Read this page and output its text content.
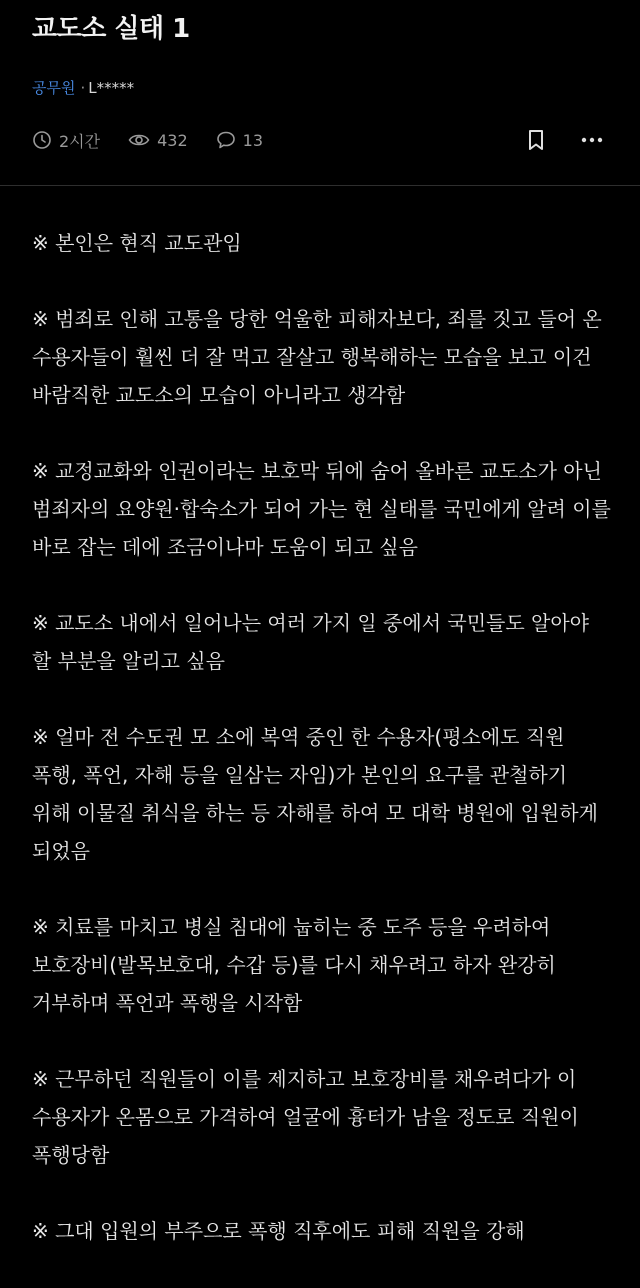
교도소 실태 1
공무원 · L*****
2시간	432	13

※ 본인은 현직 교도관임

※ 범죄로 인해 고통을 당한 억울한 피해자보다, 죄를 짓고 들어 온 수용자들이 훨씬 더 잘 먹고 잘살고 행복해하는 모습을 보고 이건 바람직한 교도소의 모습이 아니라고 생각함

※ 교정교화와 인권이라는 보호막 뒤에 숨어 올바른 교도소가 아닌 범죄자의 요양원·합숙소가 되어 가는 현 실태를 국민에게 알려 이를 바로 잡는 데에 조금이나마 도움이 되고 싶음

※ 교도소 내에서 일어나는 여러 가지 일 중에서 국민들도 알아야 할 부분을 알리고 싶음

※ 얼마 전 수도권 모 소에 복역 중인 한 수용자(평소에도 직원 폭행, 폭언, 자해 등을 일삼는 자임)가 본인의 요구를 관철하기 위해 이물질 취식을 하는 등 자해를 하여 모 대학 병원에 입원하게 되었음

※ 치료를 마치고 병실 침대에 눕히는 중 도주 등을 우려하여 보호장비(발목보호대, 수갑 등)를 다시 채우려고 하자 완강히 거부하며 폭언과 폭행을 시작함

※ 근무하던 직원들이 이를 제지하고 보호장비를 채우려다가 이 수용자가 온몸으로 가격하여 얼굴에 흉터가 남을 정도로 직원이 폭행당함

※ 그대 입원의 부주으로 폭행 직후에도 피해 직원을 강해
